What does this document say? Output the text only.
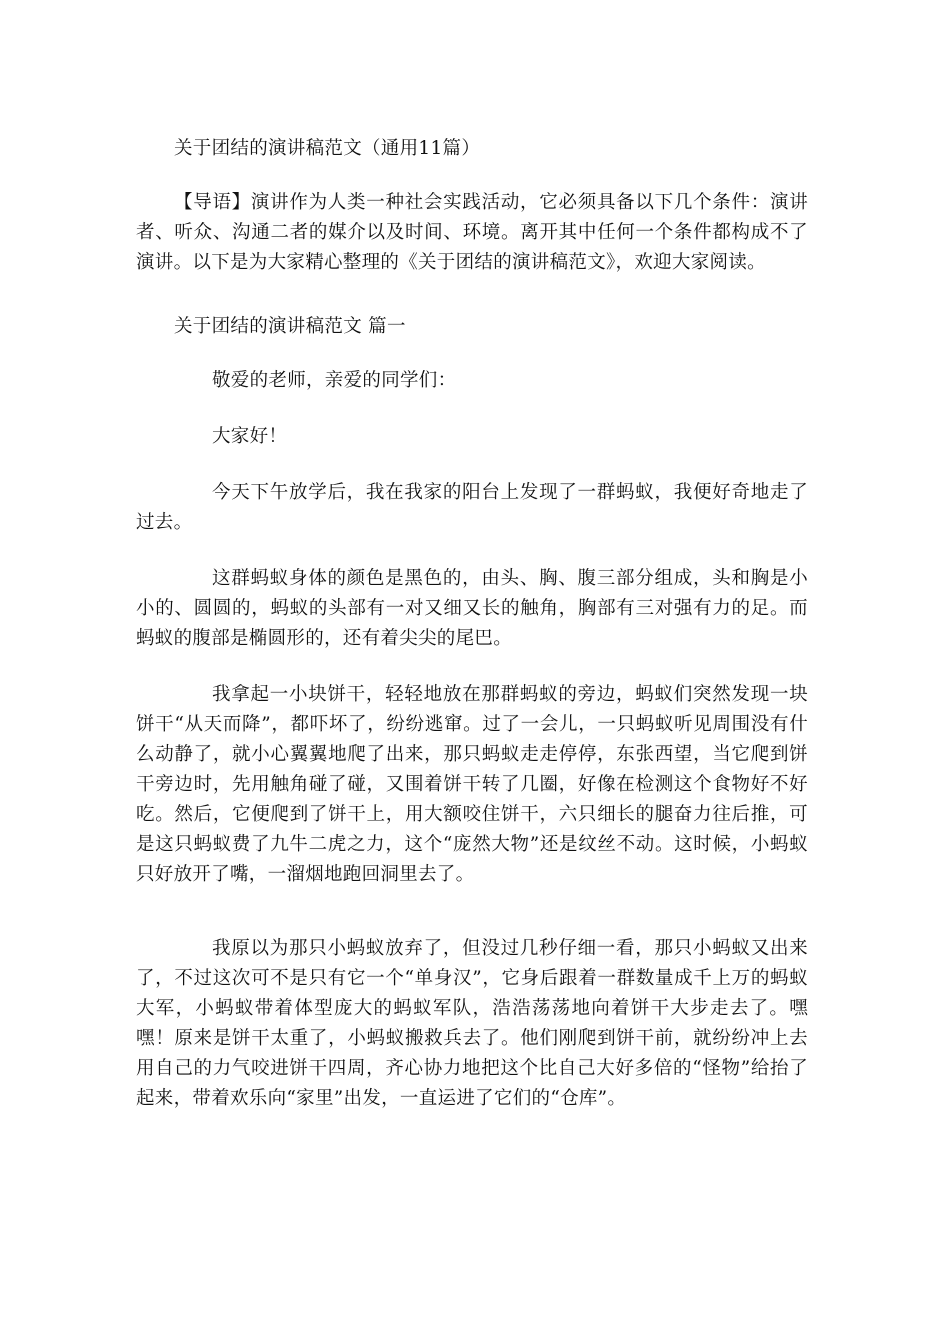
关于团结的演讲稿范文（通用11篇）

【导语】演讲作为人类一种社会实践活动，它必须具备以下几个条件：演讲者、听众、沟通二者的媒介以及时间、环境。离开其中任何一个条件都构成不了演讲。以下是为大家精心整理的《关于团结的演讲稿范文》，欢迎大家阅读。

关于团结的演讲稿范文 篇一

敬爱的老师，亲爱的同学们：

大家好！

今天下午放学后，我在我家的阳台上发现了一群蚂蚁，我便好奇地走了过去。

这群蚂蚁身体的颜色是黑色的，由头、胸、腹三部分组成，头和胸是小小的、圆圆的，蚂蚁的头部有一对又细又长的触角，胸部有三对强有力的足。而蚂蚁的腹部是椭圆形的，还有着尖尖的尾巴。

我拿起一小块饼干，轻轻地放在那群蚂蚁的旁边，蚂蚁们突然发现一块饼干“从天而降”，都吓坏了，纷纷逃窜。过了一会儿，一只蚂蚁听见周围没有什么动静了，就小心翼翼地爬了出来，那只蚂蚁走走停停，东张西望，当它爬到饼干旁边时，先用触角碰了碰，又围着饼干转了几圈，好像在检测这个食物好不好吃。然后，它便爬到了饼干上，用大额咬住饼干，六只细长的腿奋力往后推，可是这只蚂蚁费了九牛二虎之力，这个“庞然大物”还是纹丝不动。这时候，小蚂蚁只好放开了嘴，一溜烟地跑回洞里去了。

我原以为那只小蚂蚁放弃了，但没过几秒仔细一看，那只小蚂蚁又出来了，不过这次可不是只有它一个“单身汉”，它身后跟着一群数量成千上万的蚂蚁大军，小蚂蚁带着体型庞大的蚂蚁军队，浩浩荡荡地向着饼干大步走去了。嘿嘿！原来是饼干太重了，小蚂蚁搬救兵去了。他们刚爬到饼干前，就纷纷冲上去用自己的力气咬进饼干四周，齐心协力地把这个比自己大好多倍的“怪物”给抬了起来，带着欢乐向“家里”出发，一直运进了它们的“仓库”。
